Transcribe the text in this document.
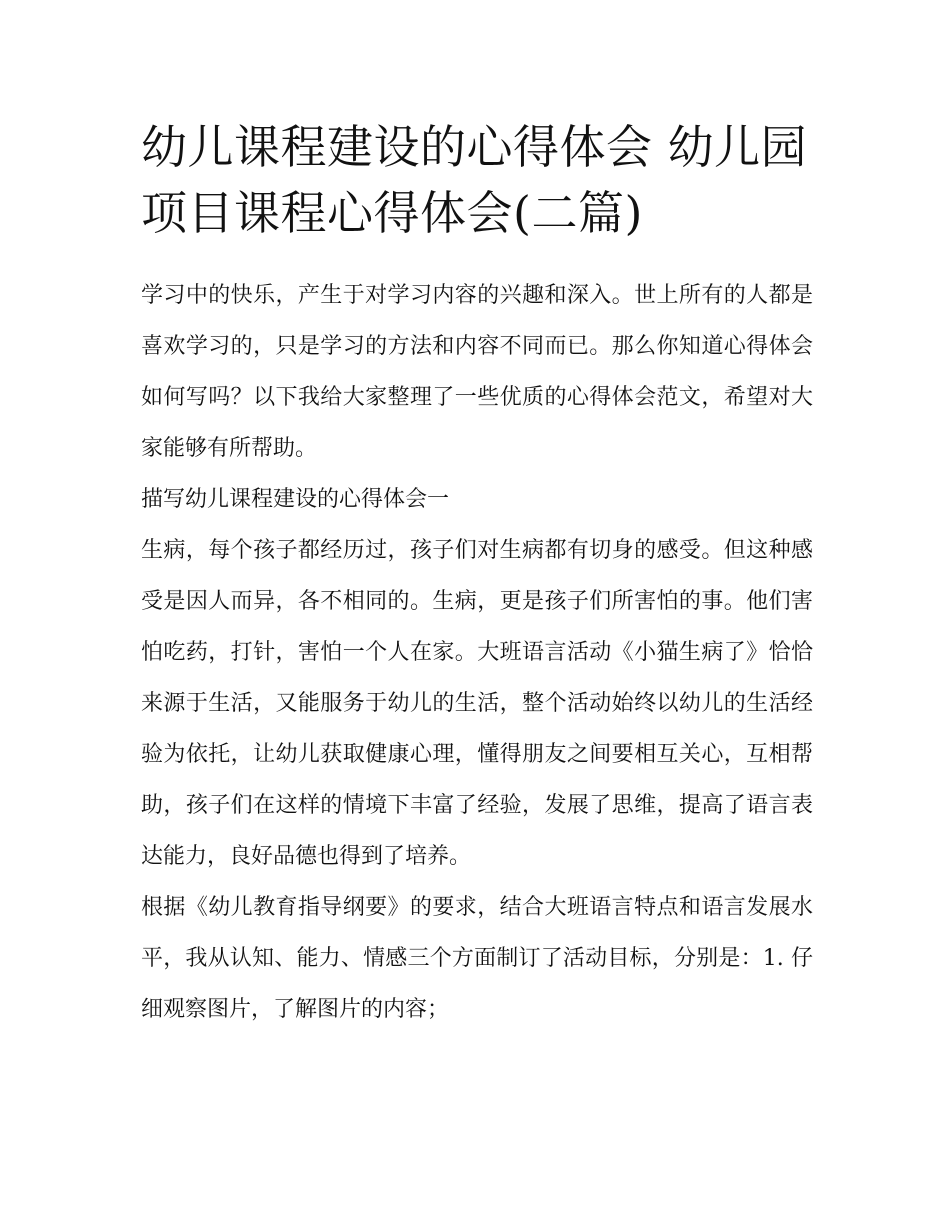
幼儿课程建设的心得体会 幼儿园项目课程心得体会(二篇)

学习中的快乐，产生于对学习内容的兴趣和深入。世上所有的人都是喜欢学习的，只是学习的方法和内容不同而已。那么你知道心得体会如何写吗？以下我给大家整理了一些优质的心得体会范文，希望对大家能够有所帮助。

描写幼儿课程建设的心得体会一

生病，每个孩子都经历过，孩子们对生病都有切身的感受。但这种感受是因人而异，各不相同的。生病，更是孩子们所害怕的事。他们害怕吃药，打针，害怕一个人在家。大班语言活动《小猫生病了》恰恰来源于生活，又能服务于幼儿的生活，整个活动始终以幼儿的生活经验为依托，让幼儿获取健康心理，懂得朋友之间要相互关心，互相帮助，孩子们在这样的情境下丰富了经验，发展了思维，提高了语言表达能力，良好品德也得到了培养。

根据《幼儿教育指导纲要》的要求，结合大班语言特点和语言发展水平，我从认知、能力、情感三个方面制订了活动目标，分别是：1. 仔细观察图片，了解图片的内容；
